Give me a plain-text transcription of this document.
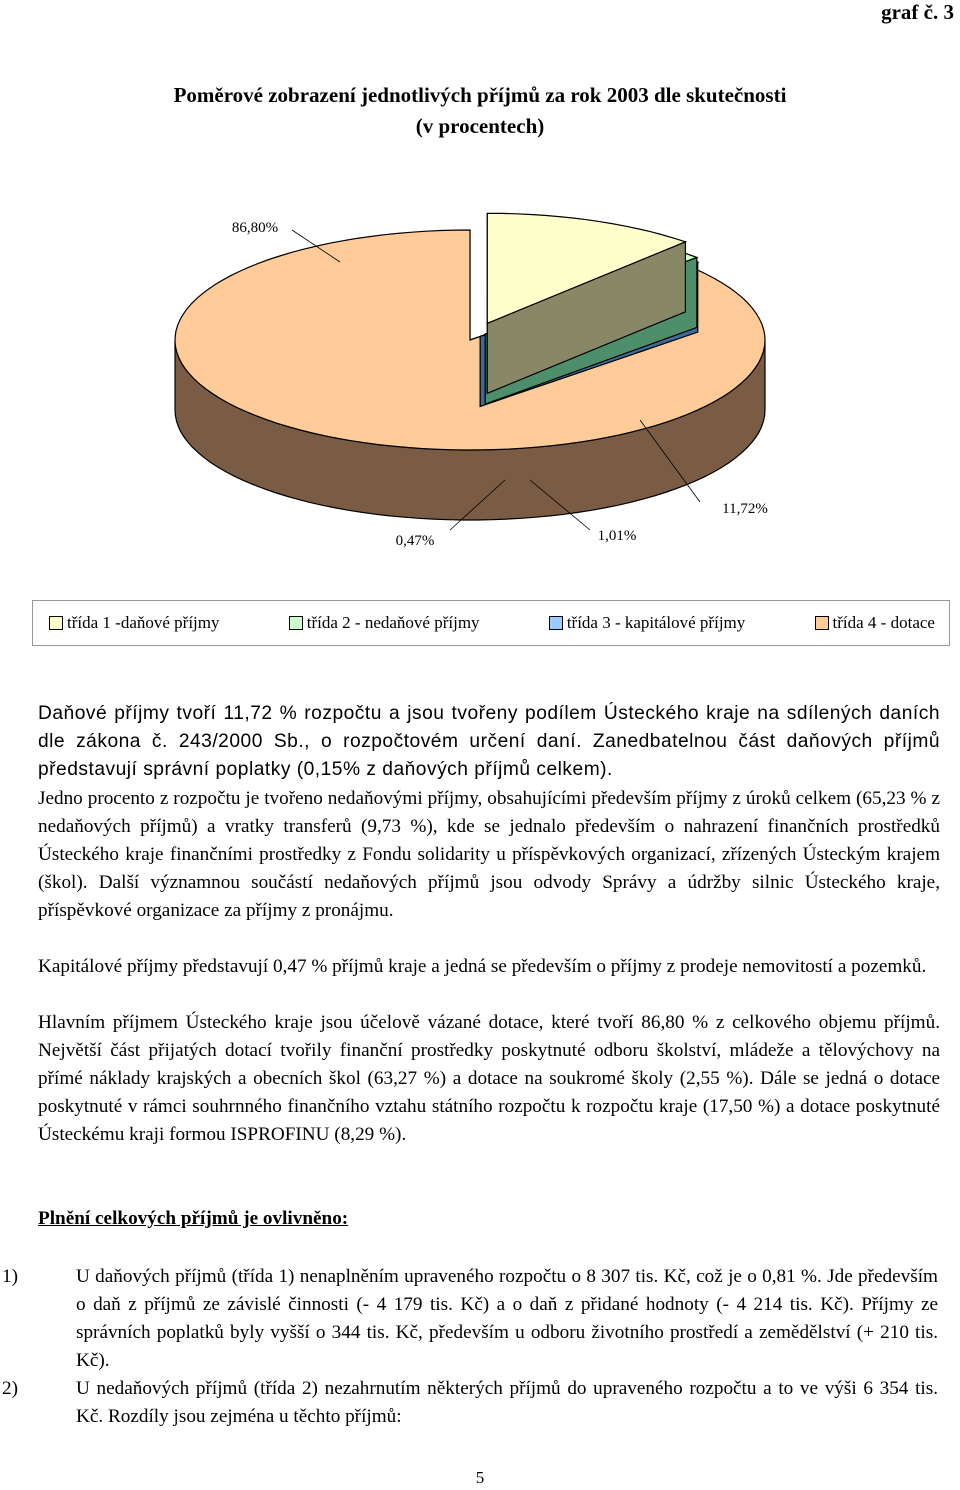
graf č. 3
Poměrové zobrazení jednotlivých příjmů za rok 2003 dle skutečnosti
(v procentech)
11,72%
1,01%
0,47%
86,80%
třída 1 -daňové příjmy	třída 2 - nedaňové příjmy	třída 3 - kapitálové příjmy	třída 4 - dotace
Daňové příjmy tvoří 11,72 % rozpočtu a jsou tvořeny podílem Ústeckého kraje na sdílených daních dle zákona č. 243/2000 Sb., o rozpočtovém určení daní. Zanedbatelnou část daňových příjmů představují správní poplatky (0,15% z daňových příjmů celkem).
Jedno procento z rozpočtu je tvořeno nedaňovými příjmy, obsahujícími především příjmy z úroků celkem (65,23 % z nedaňových příjmů) a vratky transferů (9,73 %), kde se jednalo především o nahrazení finančních prostředků Ústeckého kraje finančními prostředky z Fondu solidarity u příspěvkových organizací, zřízených Ústeckým krajem (škol). Další významnou součástí nedaňových příjmů jsou odvody Správy a údržby silnic Ústeckého kraje, příspěvkové organizace za příjmy z pronájmu.
Kapitálové příjmy představují 0,47 % příjmů kraje a jedná se především o příjmy z prodeje nemovitostí a pozemků.
Hlavním příjmem Ústeckého kraje jsou účelově vázané dotace, které tvoří 86,80 % z celkového objemu příjmů. Největší část přijatých dotací tvořily finanční prostředky poskytnuté odboru školství, mládeže a tělovýchovy na přímé náklady krajských a obecních škol (63,27 %) a dotace na soukromé školy (2,55 %). Dále se jedná o dotace poskytnuté v rámci souhrnného finančního vztahu státního rozpočtu k rozpočtu kraje (17,50 %) a dotace poskytnuté Ústeckému kraji formou ISPROFINU (8,29 %).
Plnění celkových příjmů je ovlivněno:
1)	U daňových příjmů (třída 1) nenaplněním upraveného rozpočtu o 8 307 tis. Kč, což je o 0,81 %. Jde především o daň z příjmů ze závislé činnosti (- 4 179 tis. Kč) a o daň z přidané hodnoty (- 4 214 tis. Kč). Příjmy ze správních poplatků byly vyšší o 344 tis. Kč, především u odboru životního prostředí a zemědělství (+ 210 tis. Kč).
2)	U nedaňových příjmů (třída 2) nezahrnutím některých příjmů do upraveného rozpočtu a to ve výši 6 354 tis. Kč. Rozdíly jsou zejména u těchto příjmů:
5
